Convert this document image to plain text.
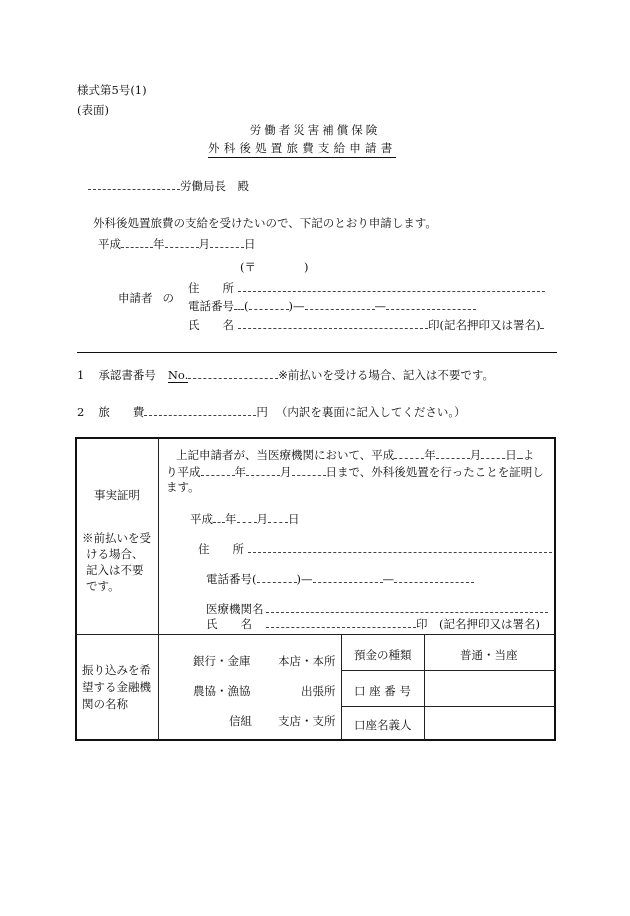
様式第5号(1)
(表面)
労働者災害補償保険
外科後処置旅費支給申請書
労働局長　殿
外科後処置旅費の支給を受けたいので、下記のとおり申請します。
平成	年	月	日
(〒	)
申請者 の
住　　所
電話番号 (	)—	—
氏　　名	印(記名押印又は署名)
1 承認書番号 No.	※前払いを受ける場合、記入は不要です。
2 旅　　費	円 （内訳を裏面に記入してください。）
事実証明
※前払いを受
ける場合、
記入は不要
です。
上記申請者が、当医療機関において、平成	年	月 日 よ
り平成	年	月	日まで、外科後処置を行ったことを証明し
ます。
平成 年 月 日
住　　所
電話番号(	)—	—
医療機関名
氏　　名	印　(記名押印又は署名)
振り込みを希
望する金融機
関の名称
銀行・金庫 本店・本所
農協・漁協	出張所
信組 支店・支所
預金の種類	普通・当座
口 座 番 号
口座名義人
